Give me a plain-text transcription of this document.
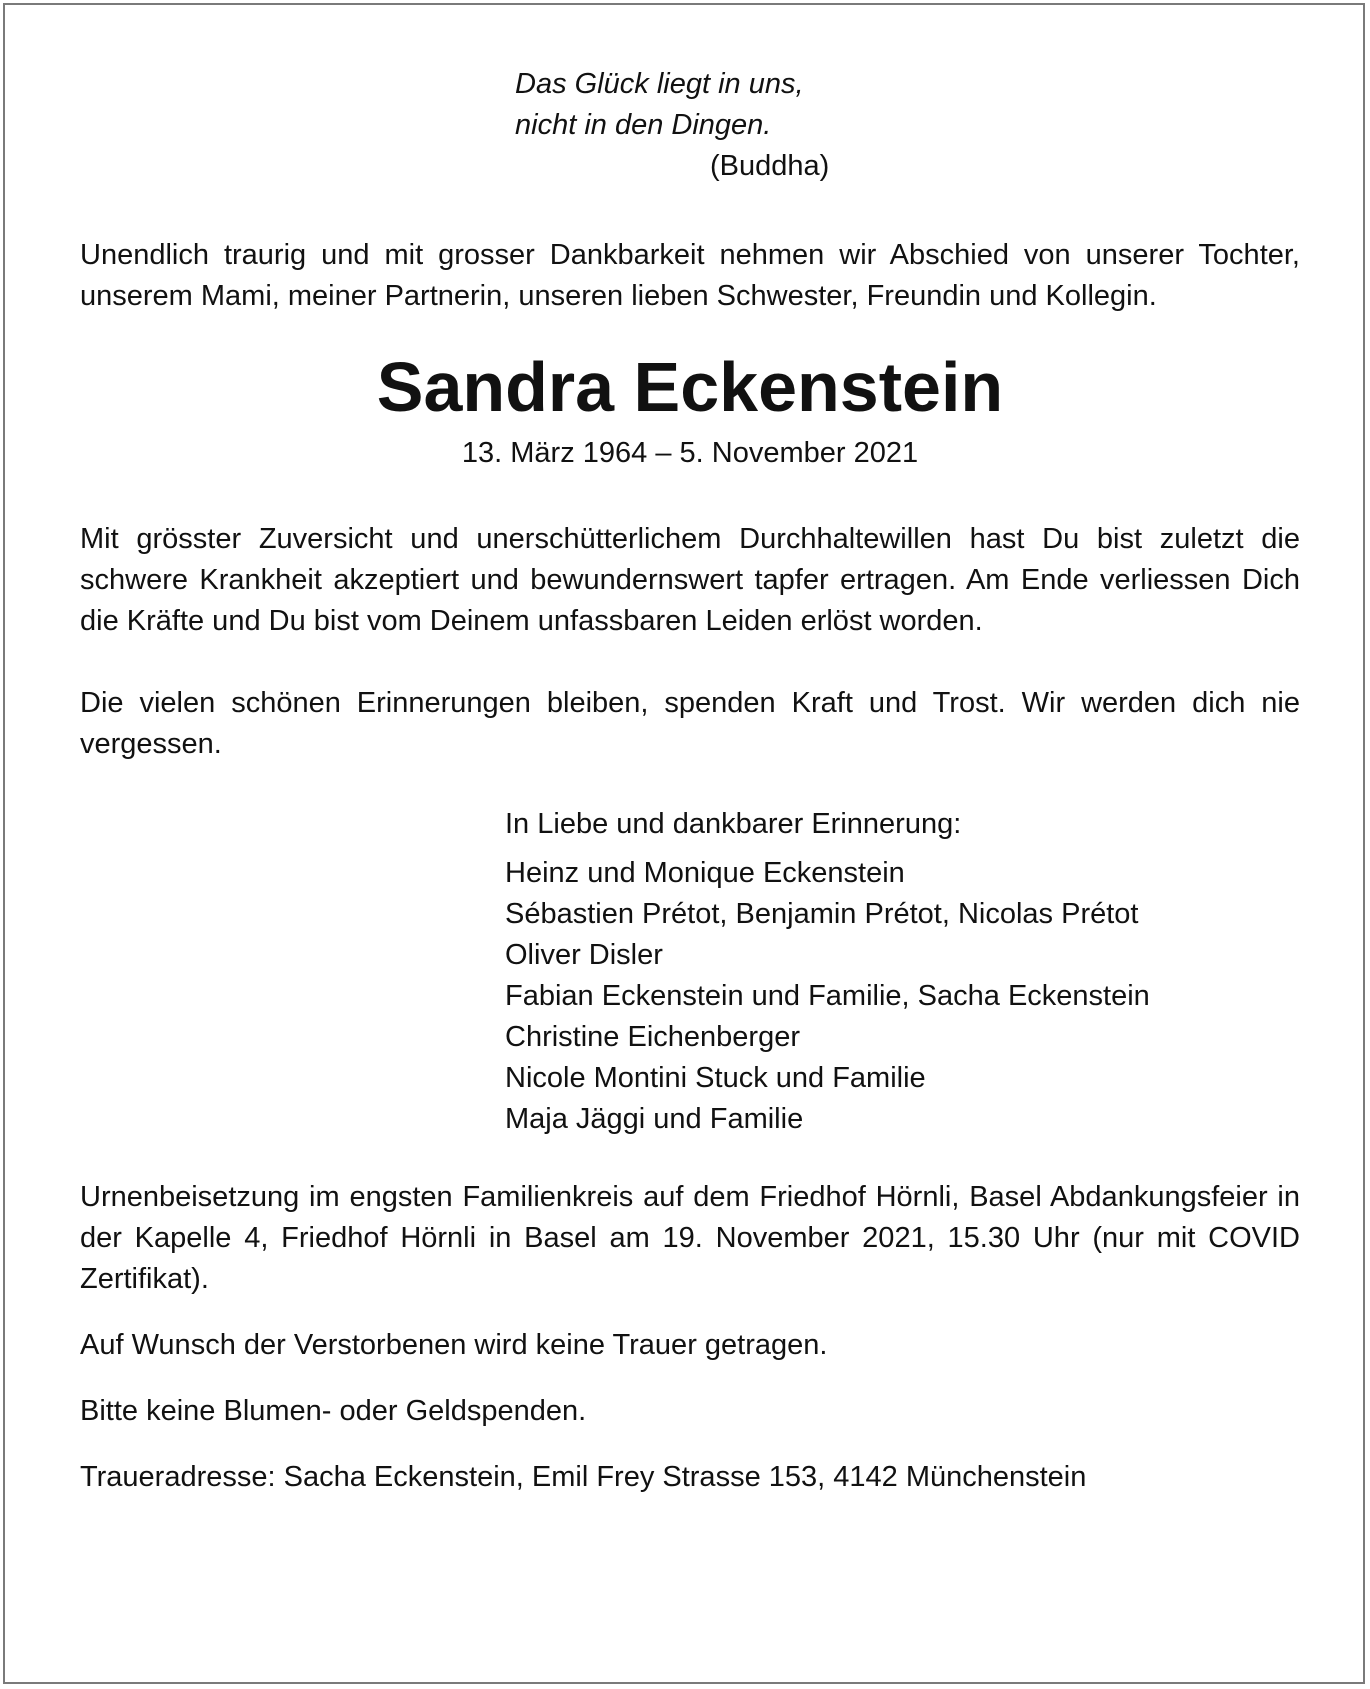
Das Glück liegt in uns,
nicht in den Dingen.
(Buddha)

Unendlich traurig und mit grosser Dankbarkeit nehmen wir Abschied von unserer Tochter, unserem Mami, meiner Partnerin, unseren lieben Schwester, Freundin und Kollegin.

Sandra Eckenstein
13. März 1964 – 5. November 2021

Mit grösster Zuversicht und unerschütterlichem Durchhaltewillen hast Du bist zuletzt die schwere Krankheit akzeptiert und bewundernswert tapfer ertragen. Am Ende verliessen Dich die Kräfte und Du bist vom Deinem unfassbaren Leiden erlöst worden.

Die vielen schönen Erinnerungen bleiben, spenden Kraft und Trost. Wir werden dich nie vergessen.

In Liebe und dankbarer Erinnerung:
Heinz und Monique Eckenstein
Sébastien Prétot, Benjamin Prétot, Nicolas Prétot
Oliver Disler
Fabian Eckenstein und Familie, Sacha Eckenstein
Christine Eichenberger
Nicole Montini Stuck und Familie
Maja Jäggi und Familie

Urnenbeisetzung im engsten Familienkreis auf dem Friedhof Hörnli, Basel Abdankungsfeier in der Kapelle 4, Friedhof Hörnli in Basel am 19. November 2021, 15.30 Uhr (nur mit COVID Zertifikat).

Auf Wunsch der Verstorbenen wird keine Trauer getragen.
Bitte keine Blumen- oder Geldspenden.
Traueradresse: Sacha Eckenstein, Emil Frey Strasse 153, 4142 Münchenstein
